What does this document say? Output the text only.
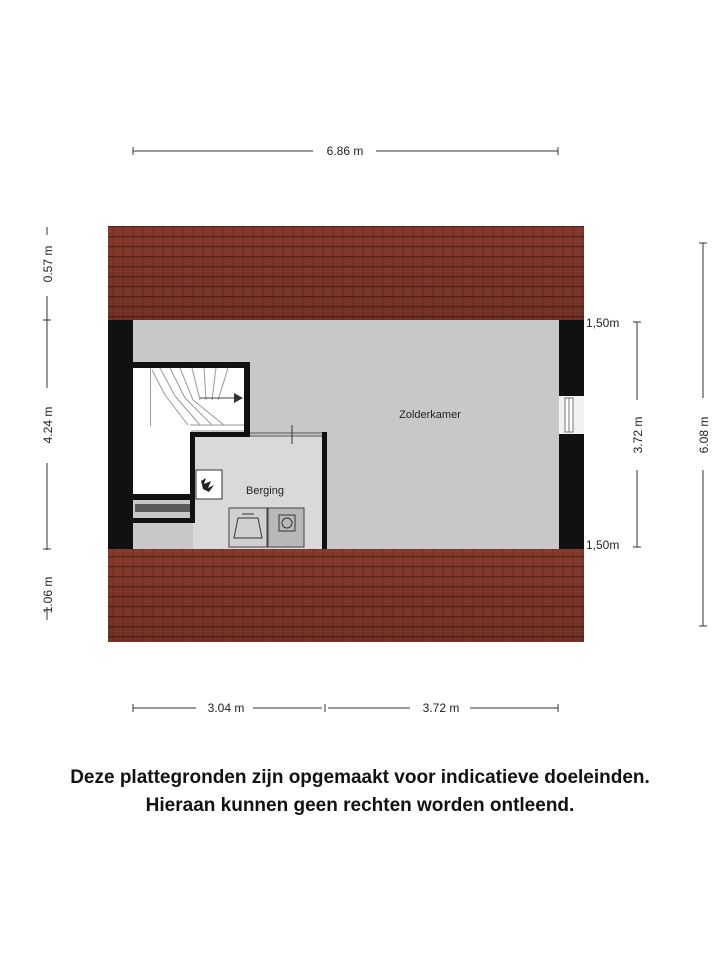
6.86 m
Zolderkamer
Berging
0.57 m
4.24 m
1.06 m
1,50m
1,50m
3.72 m	6.08 m
3.04 m	3.72 m
Deze plattegronden zijn opgemaakt voor indicatieve doeleinden.
Hieraan kunnen geen rechten worden ontleend.
